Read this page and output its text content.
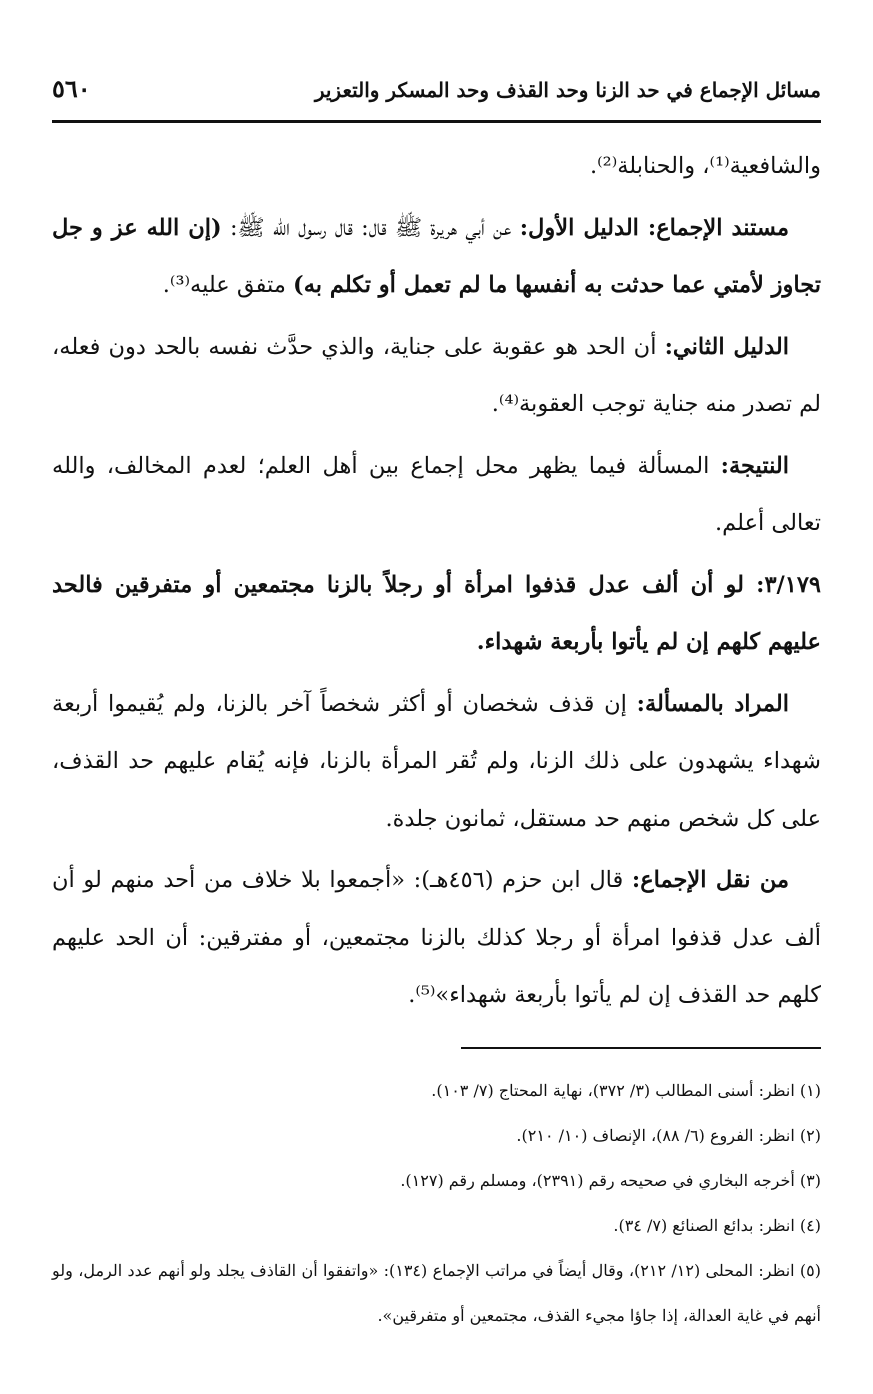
مسائل الإجماع في حد الزنا وحد القذف وحد المسكر والتعزير
٥٦٠

والشافعية⁽¹⁾، والحنابلة⁽²⁾.

مستند الإجماع: الدليل الأول: عن أبي هريرة ﷺ قال: قال رسول الله ﷺ: (إن الله عز و جل تجاوز لأمتي عما حدثت به أنفسها ما لم تعمل أو تكلم به) متفق عليه⁽³⁾.

الدليل الثاني: أن الحد هو عقوبة على جناية، والذي حدَّث نفسه بالحد دون فعله، لم تصدر منه جناية توجب العقوبة⁽⁴⁾.

النتيجة: المسألة فيما يظهر محل إجماع بين أهل العلم؛ لعدم المخالف، والله تعالى أعلم.

٣/١٧٩: لو أن ألف عدل قذفوا امرأة أو رجلاً بالزنا مجتمعين أو متفرقين فالحد عليهم كلهم إن لم يأتوا بأربعة شهداء.

المراد بالمسألة: إن قذف شخصان أو أكثر شخصاً آخر بالزنا، ولم يُقيموا أربعة شهداء يشهدون على ذلك الزنا، ولم تُقر المرأة بالزنا، فإنه يُقام عليهم حد القذف، على كل شخص منهم حد مستقل، ثمانون جلدة.

من نقل الإجماع: قال ابن حزم (٤٥٦هـ): «أجمعوا بلا خلاف من أحد منهم لو أن ألف عدل قذفوا امرأة أو رجلا كذلك بالزنا مجتمعين، أو مفترقين: أن الحد عليهم كلهم حد القذف إن لم يأتوا بأربعة شهداء»⁽⁵⁾.

(١) انظر: أسنى المطالب (٣/ ٣٧٢)، نهاية المحتاج (٧/ ١٠٣).

(٢) انظر: الفروع (٦/ ٨٨)، الإنصاف (١٠/ ٢١٠).

(٣) أخرجه البخاري في صحيحه رقم (٢٣٩١)، ومسلم رقم (١٢٧).

(٤) انظر: بدائع الصنائع (٧/ ٣٤).

(٥) انظر: المحلى (١٢/ ٢١٢)، وقال أيضاً في مراتب الإجماع (١٣٤): «واتفقوا أن القاذف يجلد ولو أنهم عدد الرمل، ولو أنهم في غاية العدالة، إذا جاؤا مجيء القذف، مجتمعين أو متفرقين».
